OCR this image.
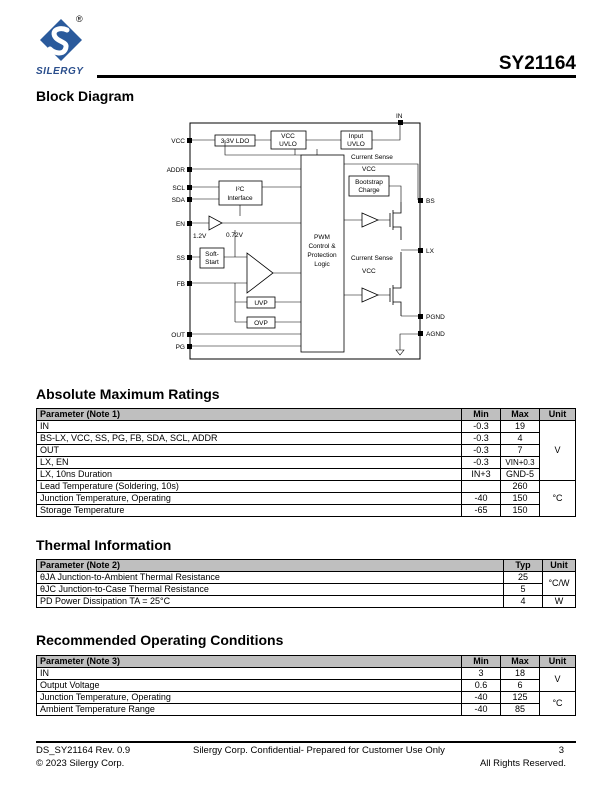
®
SILERGY	SY21164
Block Diagram
VCC
ADDR
SCL
SDA
EN
SS
FB
OUT
PG
BS
LX
PGND
AGND
IN
3.3V LDO
VCC
UVLO
Input
UVLO
I²C
Interface
PWM
Control &
Protection
Logic
Bootstrap
Charge
Soft-
Start
UVP
OVP
Current Sense
Current Sense
VCC
VCC
1.2V	0.72V
Absolute Maximum Ratings
Parameter (Note 1)	Min	Max	Unit
IN	-0.3	19	V
BS-LX, VCC, SS, PG, FB, SDA, SCL, ADDR	-0.3	4	
OUT	-0.3	7	
LX, EN	-0.3	VIN+0.3	
LX, 10ns Duration	IN+3	GND-5	
Lead Temperature (Soldering, 10s)		260	°C
Junction Temperature, Operating	-40	150	
Storage Temperature	-65	150	
Thermal Information
Parameter (Note 2)	Typ	Unit
θJA Junction-to-Ambient Thermal Resistance	25	°C/W
θJC Junction-to-Case Thermal Resistance	5	
PD Power Dissipation TA = 25°C	4	W
Recommended Operating Conditions
Parameter (Note 3)	Min	Max	Unit
IN	3	18	V
Output Voltage	0.6	6	
Junction Temperature, Operating	-40	125	°C
Ambient Temperature Range	-40	85	
DS_SY21164 Rev. 0.9	Silergy Corp. Confidential- Prepared for Customer Use Only	3
© 2023 Silergy Corp.	All Rights Reserved.
